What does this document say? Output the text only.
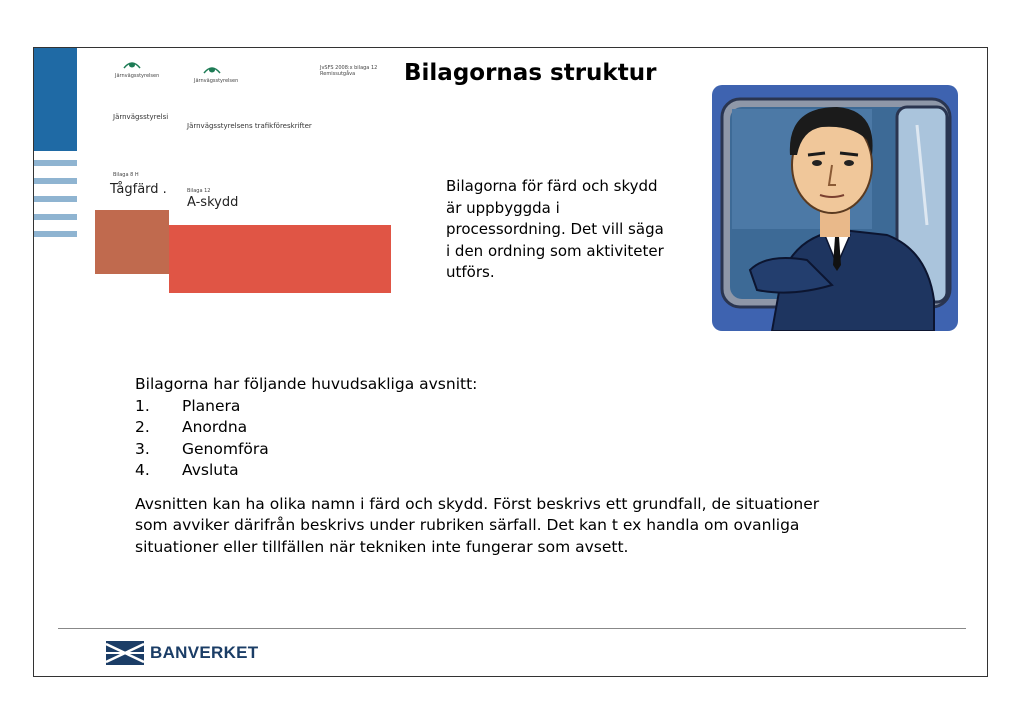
Järnvägsstyrelsen
Järnvägsstyrelsi
Bilaga 8 H
Tågfärd .
Järnvägsstyrelsen
JvSFS 2008:x bilaga 12
Remissutgåva
Järnvägsstyrelsens trafikföreskrifter
Bilaga 12
A-skydd
Bilagornas struktur
Bilagorna för färd och skydd är uppbyggda i processordning. Det vill säga i den ordning som aktiviteter utförs.
Bilagorna har följande huvudsakliga avsnitt:
1.	Planera
2.	Anordna
3.	Genomföra
4.	Avsluta
Avsnitten kan ha olika namn i färd och skydd. Först beskrivs ett grundfall, de situationer som avviker därifrån beskrivs under rubriken särfall. Det kan t ex handla om ovanliga situationer eller tillfällen när tekniken inte fungerar som avsett.
BANVERKET
